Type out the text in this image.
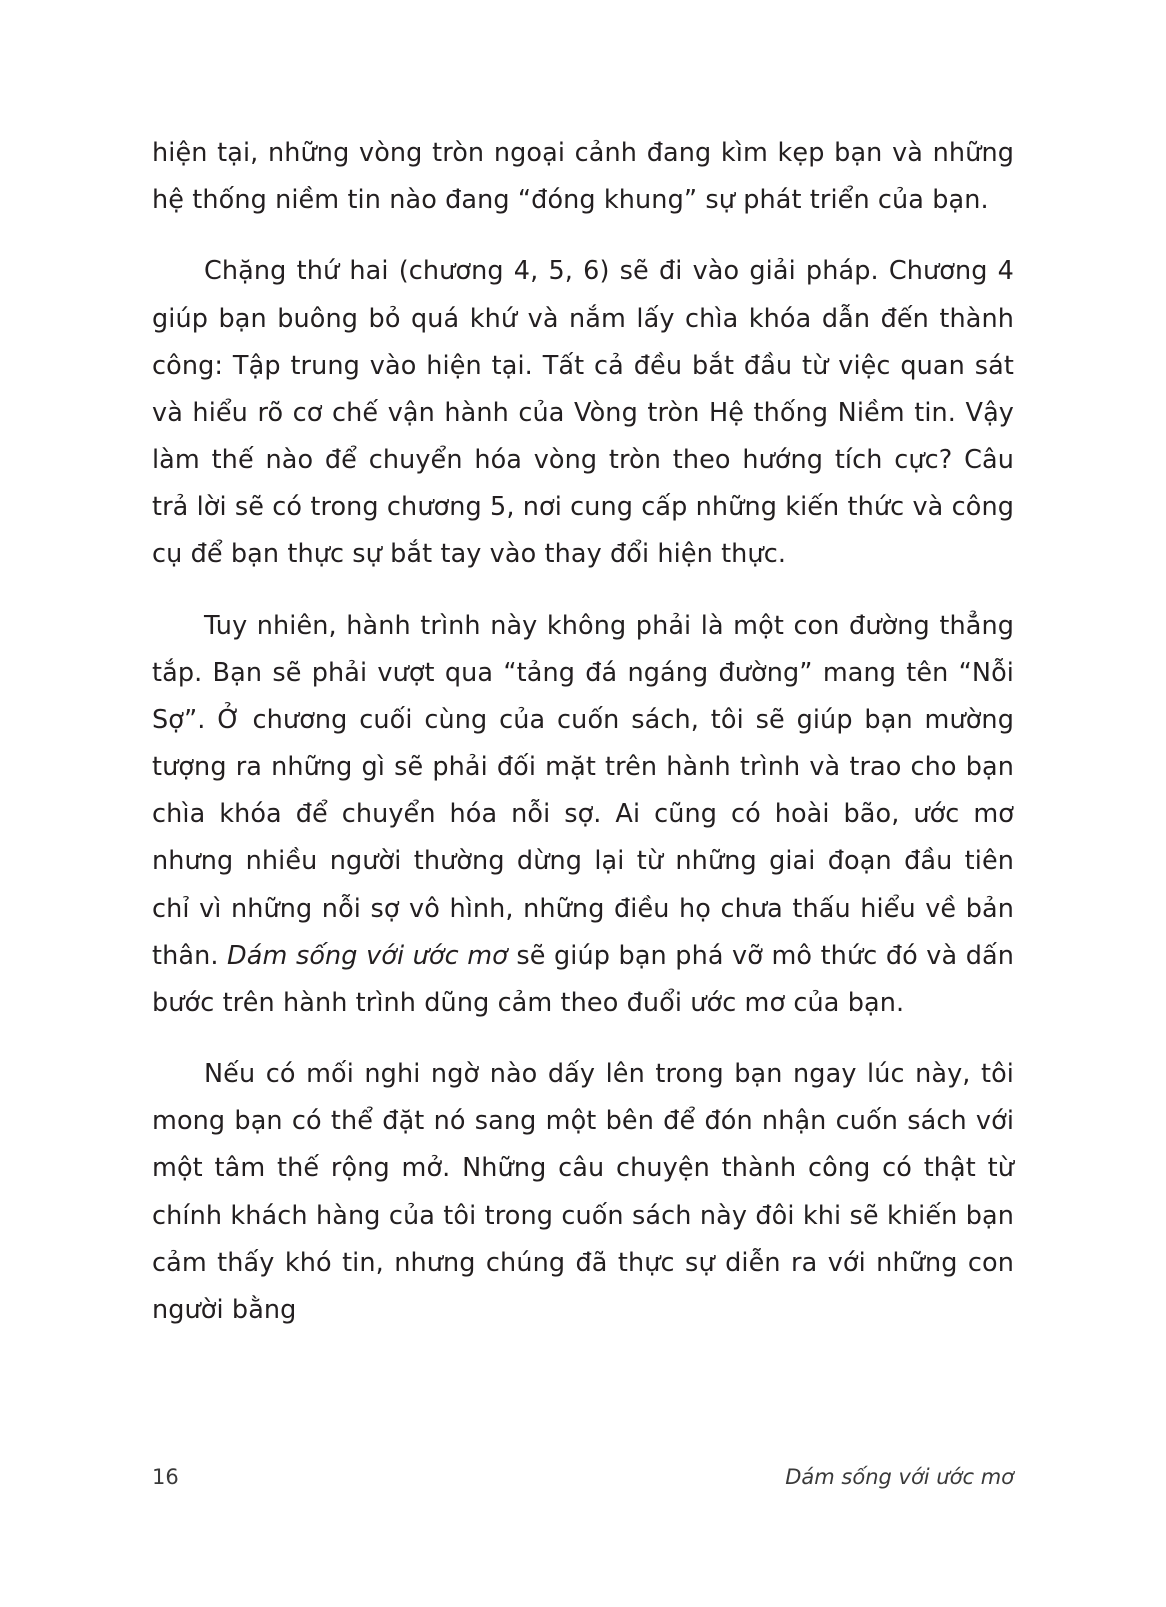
hiện tại, những vòng tròn ngoại cảnh đang kìm kẹp bạn và những hệ thống niềm tin nào đang “đóng khung” sự phát triển của bạn.

Chặng thứ hai (chương 4, 5, 6) sẽ đi vào giải pháp. Chương 4 giúp bạn buông bỏ quá khứ và nắm lấy chìa khóa dẫn đến thành công: Tập trung vào hiện tại. Tất cả đều bắt đầu từ việc quan sát và hiểu rõ cơ chế vận hành của Vòng tròn Hệ thống Niềm tin. Vậy làm thế nào để chuyển hóa vòng tròn theo hướng tích cực? Câu trả lời sẽ có trong chương 5, nơi cung cấp những kiến thức và công cụ để bạn thực sự bắt tay vào thay đổi hiện thực.

Tuy nhiên, hành trình này không phải là một con đường thẳng tắp. Bạn sẽ phải vượt qua “tảng đá ngáng đường” mang tên “Nỗi Sợ”. Ở chương cuối cùng của cuốn sách, tôi sẽ giúp bạn mường tượng ra những gì sẽ phải đối mặt trên hành trình và trao cho bạn chìa khóa để chuyển hóa nỗi sợ. Ai cũng có hoài bão, ước mơ nhưng nhiều người thường dừng lại từ những giai đoạn đầu tiên chỉ vì những nỗi sợ vô hình, những điều họ chưa thấu hiểu về bản thân. Dám sống với ước mơ sẽ giúp bạn phá vỡ mô thức đó và dấn bước trên hành trình dũng cảm theo đuổi ước mơ của bạn.

Nếu có mối nghi ngờ nào dấy lên trong bạn ngay lúc này, tôi mong bạn có thể đặt nó sang một bên để đón nhận cuốn sách với một tâm thế rộng mở. Những câu chuyện thành công có thật từ chính khách hàng của tôi trong cuốn sách này đôi khi sẽ khiến bạn cảm thấy khó tin, nhưng chúng đã thực sự diễn ra với những con người bằng

16	Dám sống với ước mơ
